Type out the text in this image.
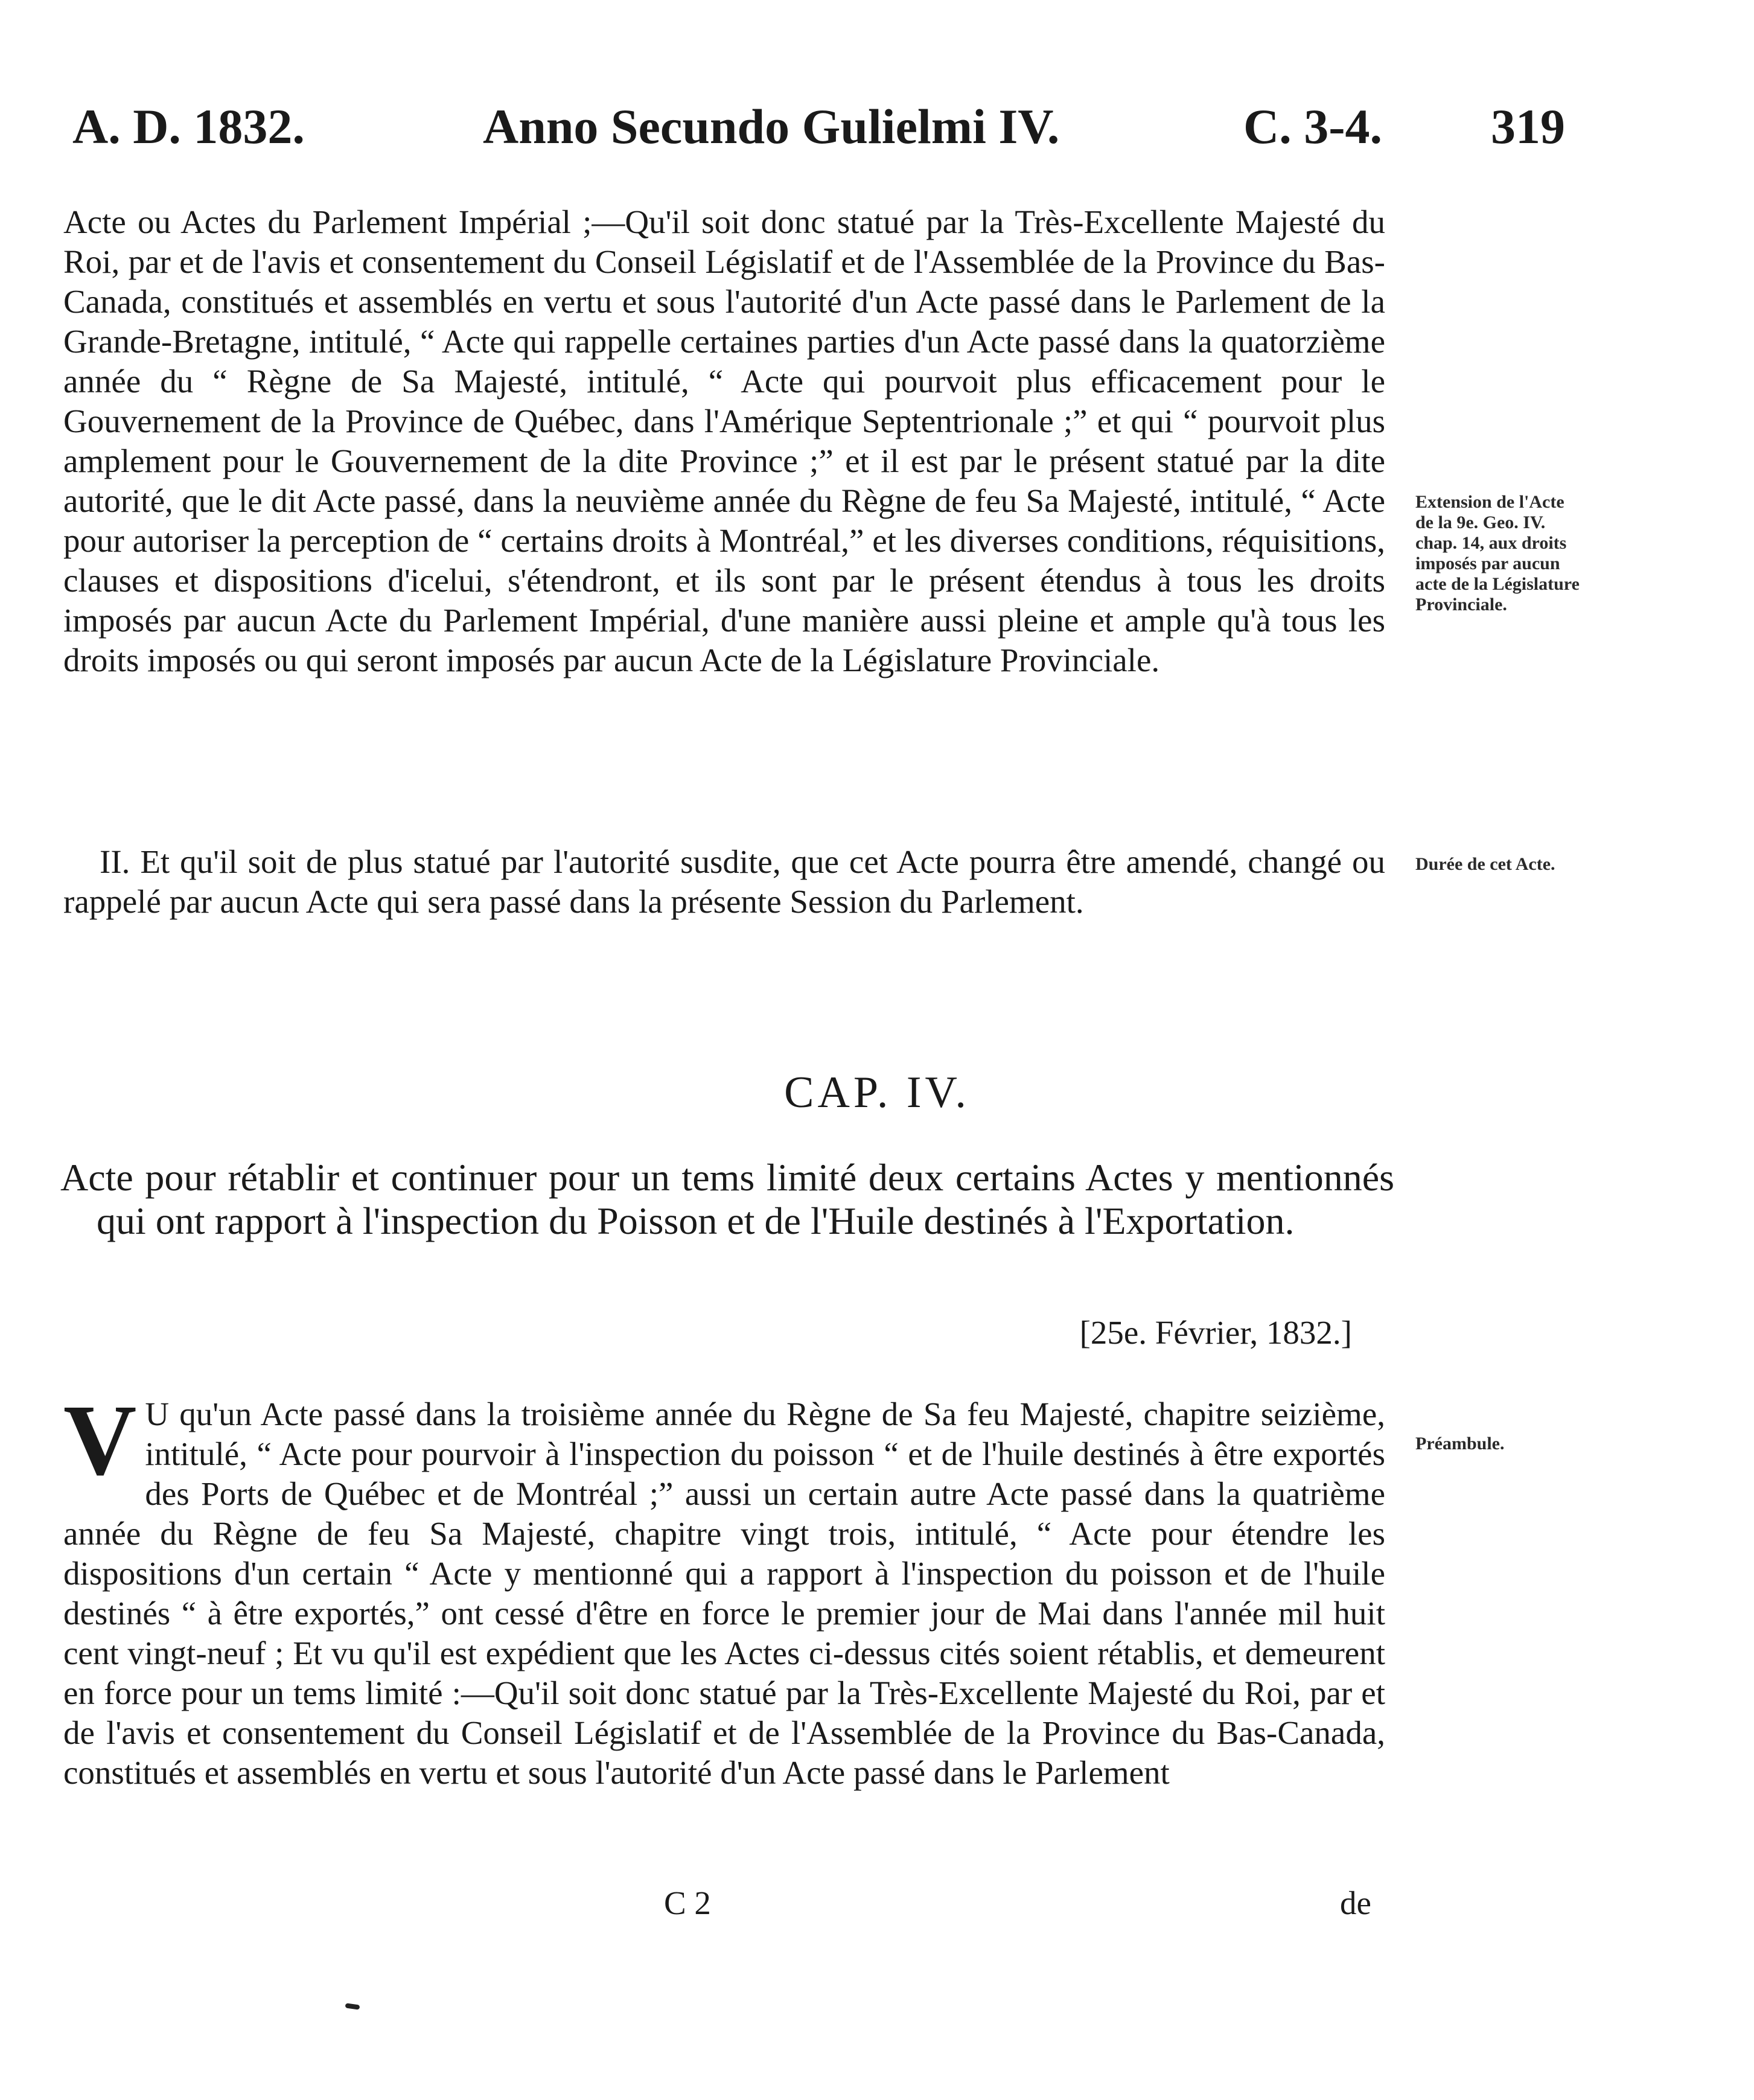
A. D. 1832.	Anno Secundo Gulielmi IV.	C. 3-4. 319

Acte ou Actes du Parlement Impérial ;—Qu'il soit donc statué par la Très-Excellente Majesté du Roi, par et de l'avis et consentement du Conseil Législatif et de l'Assemblée de la Province du Bas-Canada, constitués et assemblés en vertu et sous l'autorité d'un Acte passé dans le Parlement de la Grande-Bretagne, intitulé, “ Acte qui rappelle certaines parties d'un Acte passé dans la quatorzième année du “ Règne de Sa Majesté, intitulé, “ Acte qui pourvoit plus efficacement pour le Gouvernement de la Province de Québec, dans l'Amérique Septentrionale ;” et qui “ pourvoit plus amplement pour le Gouvernement de la dite Province ;” et il est par le présent statué par la dite autorité, que le dit Acte passé, dans la neuvième année du Règne de feu Sa Majesté, intitulé, “ Acte pour autoriser la perception de “ certains droits à Montréal,” et les diverses conditions, réquisitions, clauses et dispositions d'icelui, s'étendront, et ils sont par le présent étendus à tous les droits imposés par aucun Acte du Parlement Impérial, d'une manière aussi pleine et ample qu'à tous les droits imposés ou qui seront imposés par aucun Acte de la Législature Provinciale.

Extension de l'Acte de la 9e. Geo. IV. chap. 14, aux droits imposés par aucun acte de la Législature Provinciale.

II. Et qu'il soit de plus statué par l'autorité susdite, que cet Acte pourra être amendé, changé ou rappelé par aucun Acte qui sera passé dans la présente Session du Parlement.

Durée de cet Acte.
CAP. IV.

Acte pour rétablir et continuer pour un tems limité deux certains Actes y mentionnés qui ont rapport à l'inspection du Poisson et de l'Huile destinés à l'Exportation.

[25e. Février, 1832.]
V U qu'un Acte passé dans la troisième année du Règne de Sa feu Majesté, chapitre seizième, intitulé, “ Acte pour pourvoir à l'inspection du poisson “ et de l'huile destinés à être exportés des Ports de Québec et de Montréal ;” aussi un certain autre Acte passé dans la quatrième année du Règne de feu Sa Majesté, chapitre vingt trois, intitulé, “ Acte pour étendre les dispositions d'un certain “ Acte y mentionné qui a rapport à l'inspection du poisson et de l'huile destinés “ à être exportés,” ont cessé d'être en force le premier jour de Mai dans l'année mil huit cent vingt-neuf ; Et vu qu'il est expédient que les Actes ci-dessus cités soient rétablis, et demeurent en force pour un tems limité :—Qu'il soit donc statué par la Très-Excellente Majesté du Roi, par et de l'avis et consentement du Conseil Législatif et de l'Assemblée de la Province du Bas-Canada, constitués et assemblés en vertu et sous l'autorité d'un Acte passé dans le Parlement

Préambule.
C 2	de
